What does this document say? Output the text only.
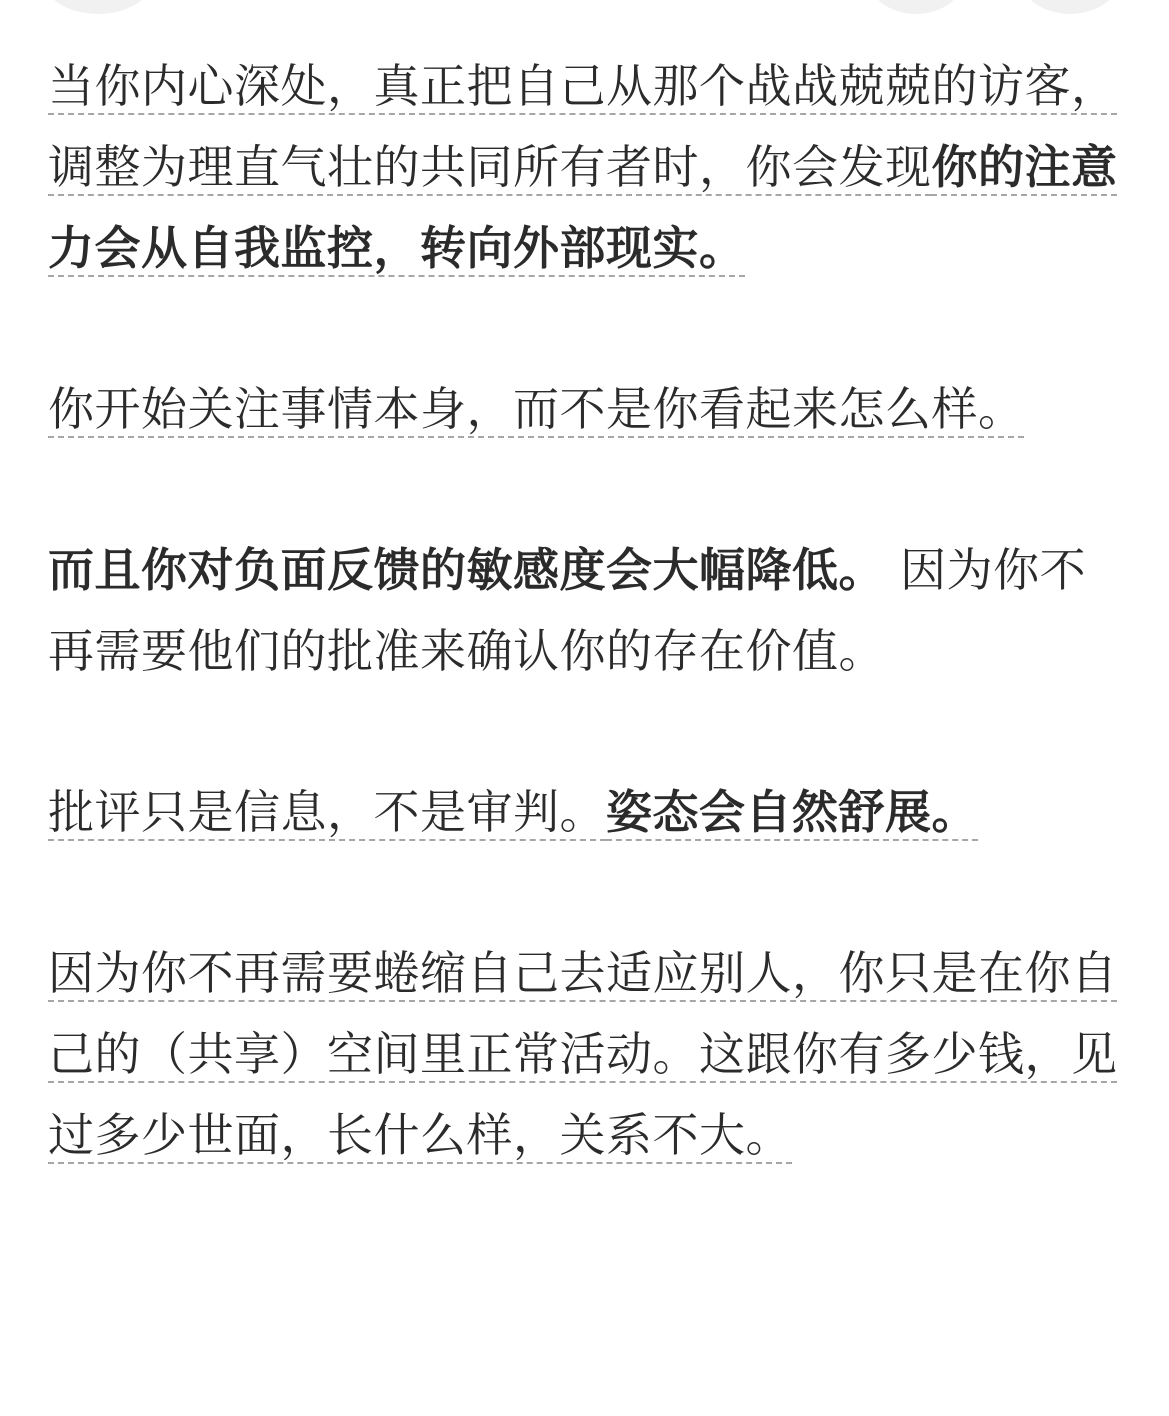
当你内心深处，真正把自己从那个战战兢兢的访客，调整为理直气壮的共同所有者时，你会发现你的注意力会从自我监控，转向外部现实。

你开始关注事情本身，而不是你看起来怎么样。

而且你对负面反馈的敏感度会大幅降低。 因为你不再需要他们的批准来确认你的存在价值。

批评只是信息，不是审判。姿态会自然舒展。

因为你不再需要蜷缩自己去适应别人，你只是在你自己的（共享）空间里正常活动。这跟你有多少钱，见过多少世面，长什么样，关系不大。
